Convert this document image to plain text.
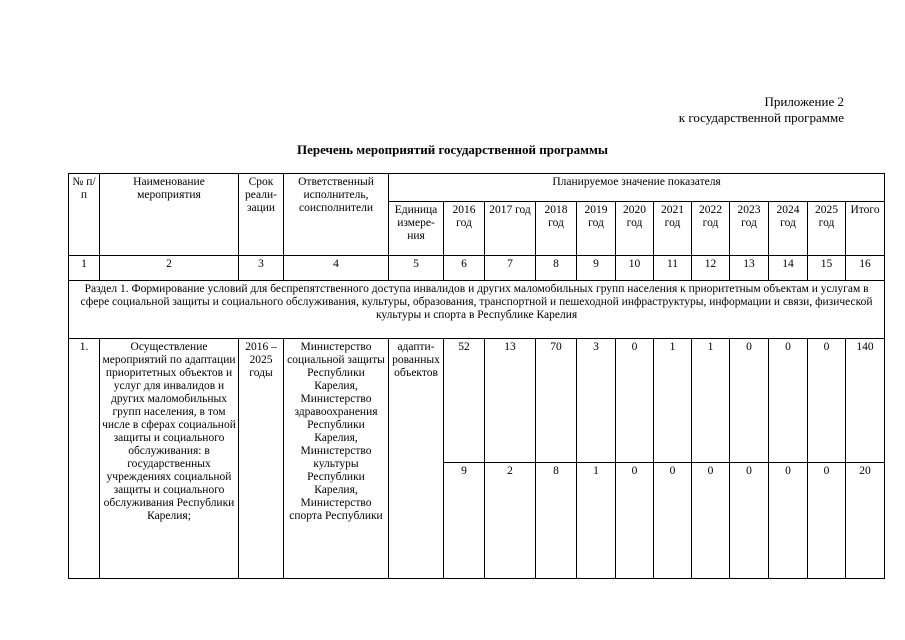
Приложение 2
к государственной программе
Перечень мероприятий государственной программы
№ п/п	Наименование мероприятия	Срок реали-зации	Ответственный исполнитель, соисполнители	Планируемое значение показателя											
				Единица измере-ния	2016 год	2017 год	2018 год	2019 год	2020 год	2021 год	2022 год	2023 год	2024 год	2025 год	Итого
1	2	3	4	5	6	7	8	9	10	11	12	13	14	15	16
Раздел 1. Формирование условий для беспрепятственного доступа инвалидов и других маломобильных групп населения к приоритетным объектам и услугам в сфере социальной защиты и социального обслуживания, культуры, образования, транспортной и пешеходной инфраструктуры, информации и связи, физической культуры и спорта в Республике Карелия															
1.	Осуществление мероприятий по адаптации приоритетных объектов и услуг для инвалидов и других маломобильных групп населения, в том числе в сферах социальной защиты и социального обслуживания: в государственных учреждениях социальной защиты и социального обслуживания Республики Карелия;	2016 – 2025 годы	Министерство социальной защиты Республики Карелия, Министерство здравоохранения Республики Карелия, Министерство культуры Республики Карелия, Министерство спорта Республики	адапти-рованных объектов	52	13	70	3	0	1	1	0	0	0	140
					9	2	8	1	0	0	0	0	0	0	20
